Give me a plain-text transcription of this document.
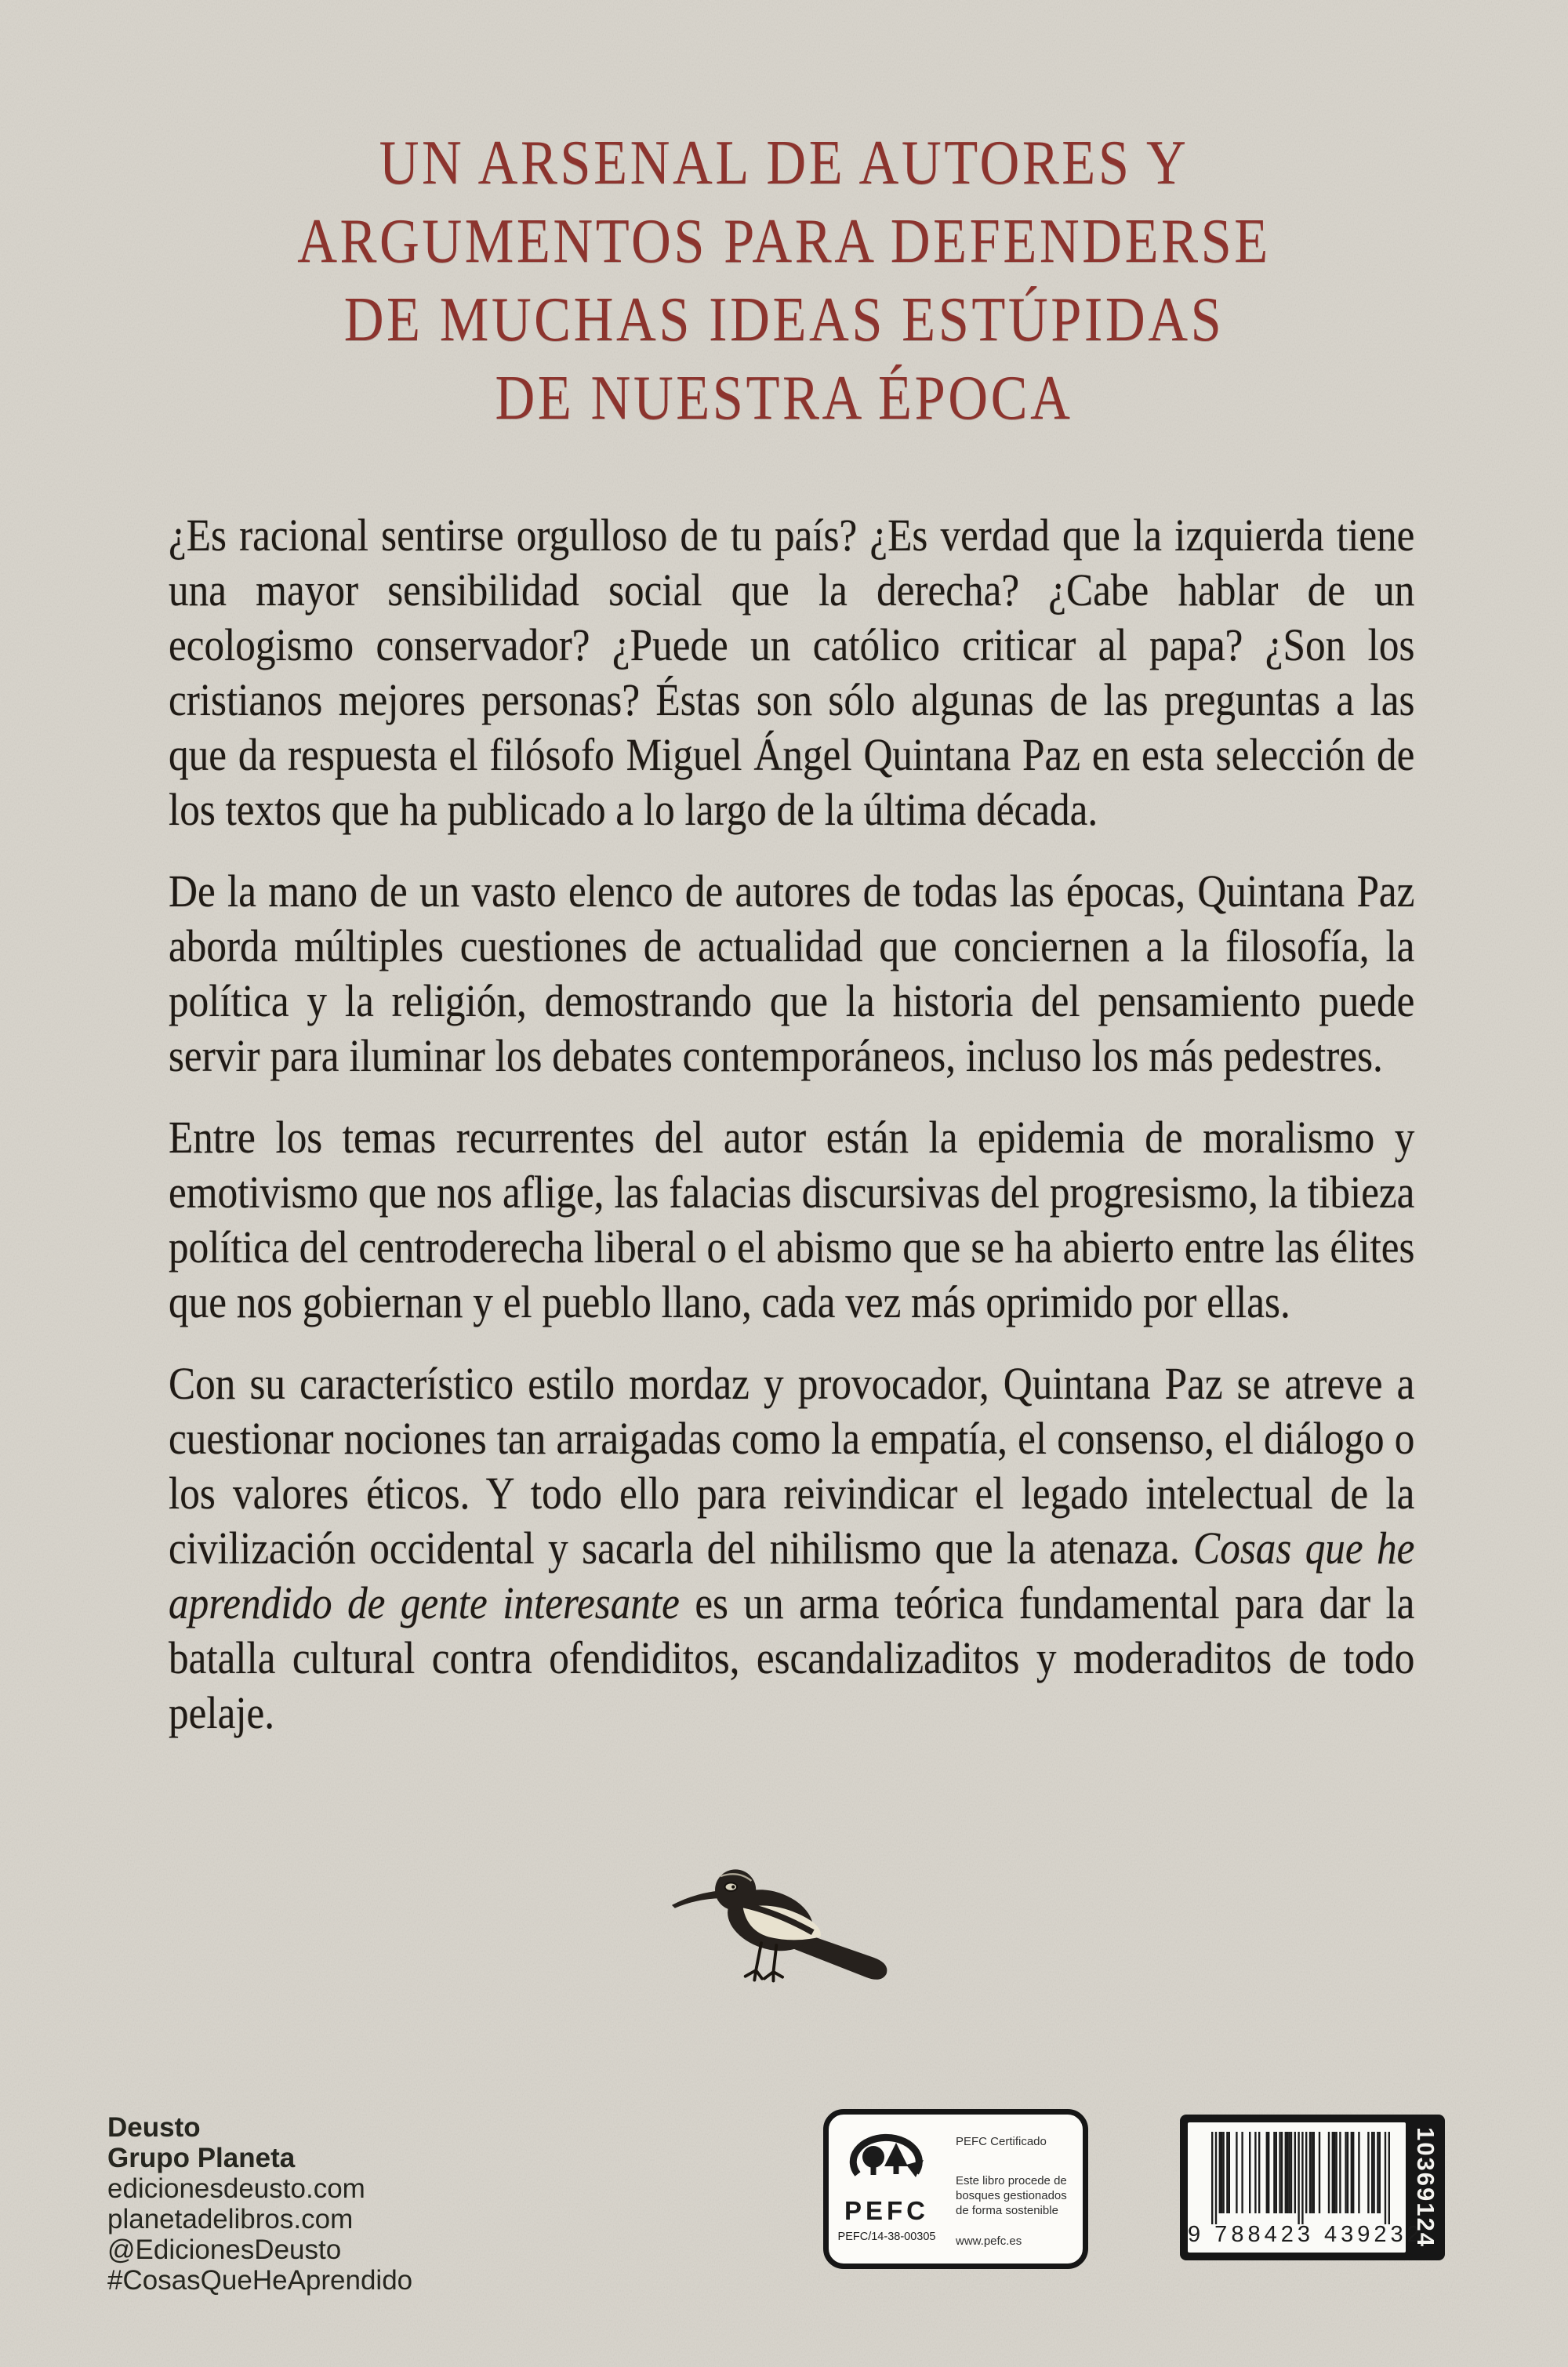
UN ARSENAL DE AUTORES Y
ARGUMENTOS PARA DEFENDERSE
DE MUCHAS IDEAS ESTÚPIDAS
DE NUESTRA ÉPOCA

¿Es racional sentirse orgulloso de tu país? ¿Es verdad que la izquierda tiene una mayor sensibilidad social que la derecha? ¿Cabe hablar de un ecologismo conservador? ¿Puede un católico criticar al papa? ¿Son los cristianos mejores personas? Éstas son sólo algunas de las preguntas a las que da respuesta el filósofo Miguel Ángel Quintana Paz en esta selección de los textos que ha publicado a lo largo de la última década.

De la mano de un vasto elenco de autores de todas las épocas, Quintana Paz aborda múltiples cuestiones de actualidad que conciernen a la filosofía, la política y la religión, demostrando que la historia del pensamiento puede servir para iluminar los debates contemporáneos, incluso los más pedestres.

Entre los temas recurrentes del autor están la epidemia de moralismo y emotivismo que nos aflige, las falacias discursivas del progresismo, la tibieza política del centroderecha liberal o el abismo que se ha abierto entre las élites que nos gobiernan y el pueblo llano, cada vez más oprimido por ellas.

Con su característico estilo mordaz y provocador, Quintana Paz se atreve a cuestionar nociones tan arraigadas como la empatía, el consenso, el diálogo o los valores éticos. Y todo ello para reivindicar el legado intelectual de la civilización occidental y sacarla del nihilismo que la atenaza. Cosas que he aprendido de gente interesante es un arma teórica fundamental para dar la batalla cultural contra ofendiditos, escandalizaditos y moderaditos de todo pelaje.

Deusto
Grupo Planeta
edicionesdeusto.com
planetadelibros.com
@EdicionesDeusto
#CosasQueHeAprendido
PEFC
PEFC/14-38-00305
PEFC Certificado
Este libro procede de bosques gestionados de forma sostenible
www.pefc.es	9 788423 439232
10369124
